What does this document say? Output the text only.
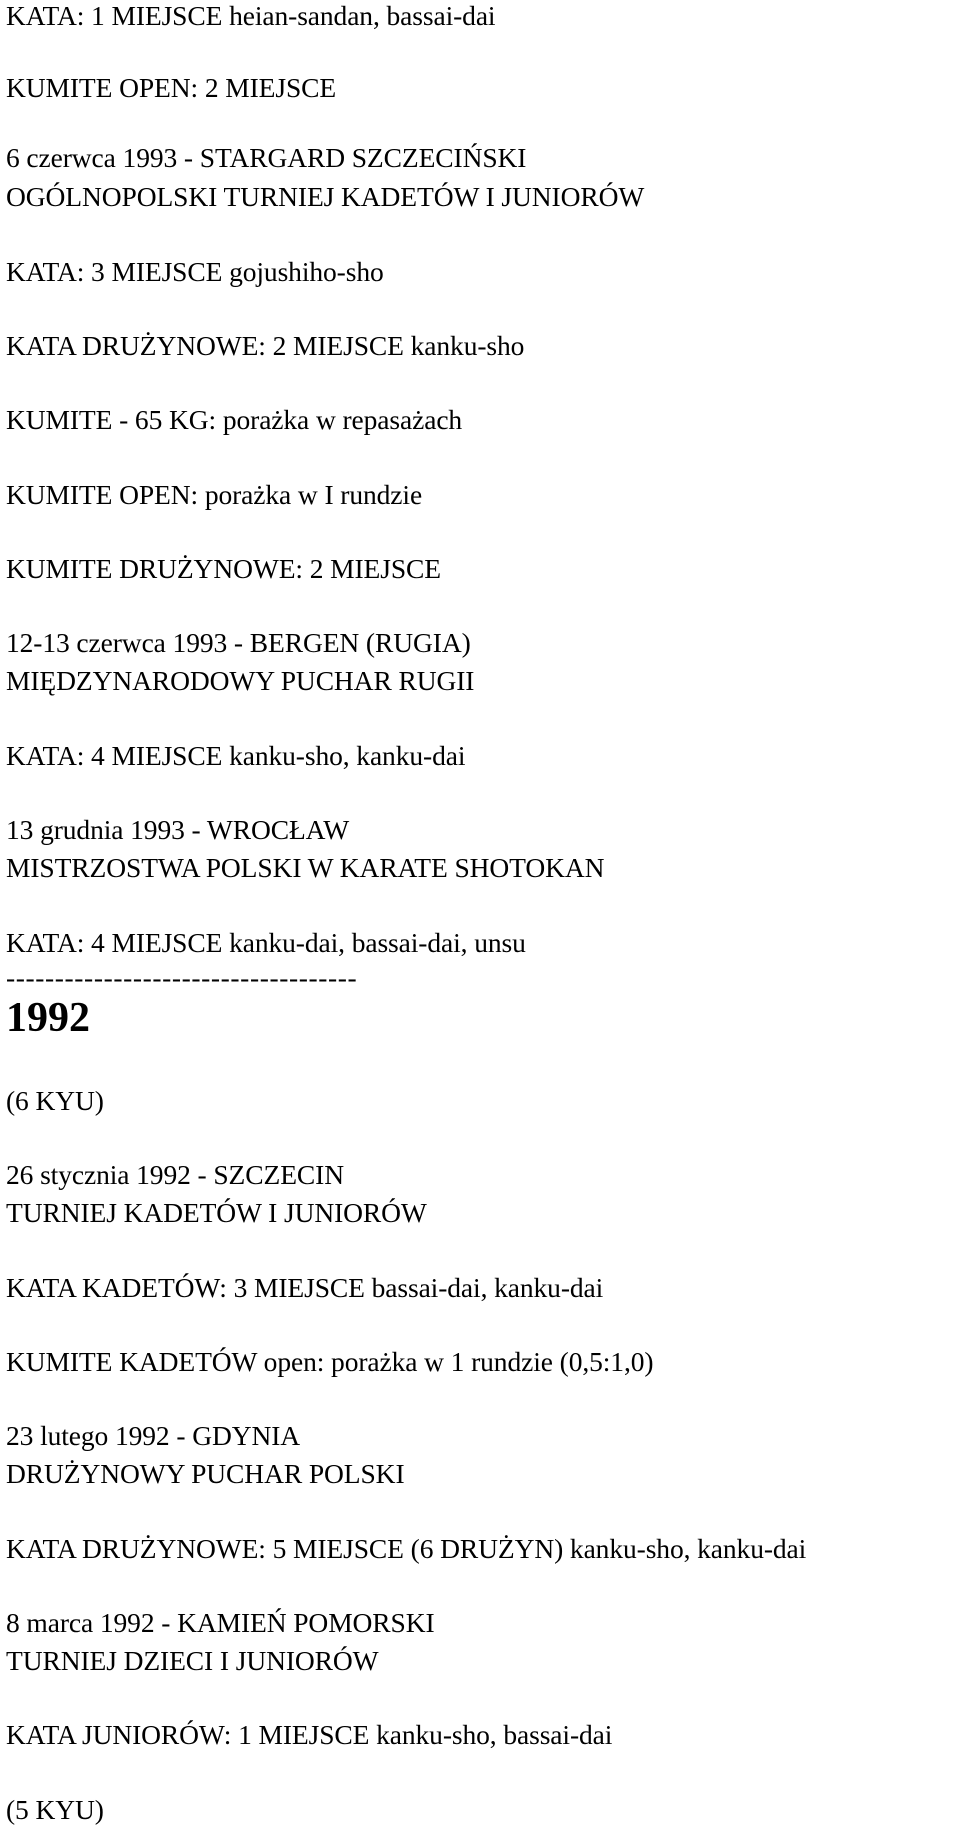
KATA: 1 MIEJSCE heian-sandan, bassai-dai
KUMITE OPEN: 2 MIEJSCE
6 czerwca 1993 - STARGARD SZCZECIŃSKI
OGÓLNOPOLSKI TURNIEJ KADETÓW I JUNIORÓW
KATA: 3 MIEJSCE gojushiho-sho
KATA DRUŻYNOWE: 2 MIEJSCE kanku-sho
KUMITE - 65 KG: porażka w repasażach
KUMITE OPEN: porażka w I rundzie
KUMITE DRUŻYNOWE: 2 MIEJSCE
12-13 czerwca 1993 - BERGEN (RUGIA)
MIĘDZYNARODOWY PUCHAR RUGII
KATA: 4 MIEJSCE kanku-sho, kanku-dai
13 grudnia 1993 - WROCŁAW
MISTRZOSTWA POLSKI W KARATE SHOTOKAN
KATA: 4 MIEJSCE kanku-dai, bassai-dai, unsu
------------------------------------
1992
(6 KYU)
26 stycznia 1992 - SZCZECIN
TURNIEJ KADETÓW I JUNIORÓW
KATA KADETÓW: 3 MIEJSCE bassai-dai, kanku-dai
KUMITE KADETÓW open: porażka w 1 rundzie (0,5:1,0)
23 lutego 1992 - GDYNIA
DRUŻYNOWY PUCHAR POLSKI
KATA DRUŻYNOWE: 5 MIEJSCE (6 DRUŻYN) kanku-sho, kanku-dai
8 marca 1992 - KAMIEŃ POMORSKI
TURNIEJ DZIECI I JUNIORÓW
KATA JUNIORÓW: 1 MIEJSCE kanku-sho, bassai-dai
(5 KYU)
